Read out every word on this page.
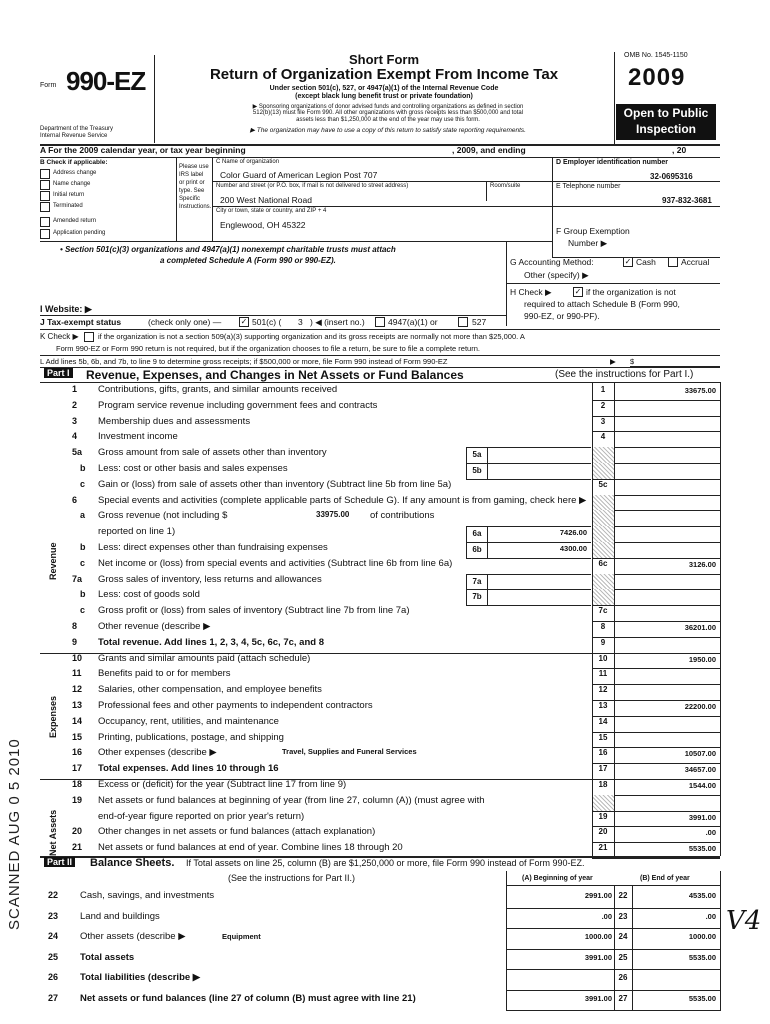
Form 990-EZ
Department of the Treasury
Internal Revenue Service
Short Form
Return of Organization Exempt From Income Tax
Under section 501(c), 527, or 4947(a)(1) of the Internal Revenue Code
(except black lung benefit trust or private foundation)
▶ Sponsoring organizations of donor advised funds and controlling organizations as defined in section
512(b)(13) must file Form 990. All other organizations with gross receipts less than $500,000 and total
assets less than $1,250,000 at the end of the year may use this form.
▶ The organization may have to use a copy of this return to satisfy state reporting requirements.
OMB No. 1545-1150
2009
Open to Public
Inspection
A For the 2009 calendar year, or tax year beginning	, 2009, and ending	, 20
B Check if applicable:
Address change
Name change
Initial return
Terminated
Amended return
Application pending
Please use IRS label or print or type. See Specific Instructions.
C Name of organization
Color Guard of American Legion Post 707
Number and street (or P.O. box, if mail is not delivered to street address)	Room/suite
200 West National Road
City or town, state or country, and ZIP + 4
Englewood, OH 45322
D Employer identification number
32-0695316
E Telephone number
937-832-3681
F Group Exemption
Number ▶
• Section 501(c)(3) organizations and 4947(a)(1) nonexempt charitable trusts must attach
a completed Schedule A (Form 990 or 990-EZ).	G Accounting Method:	✓ Cash	Accrual
Other (specify) ▶
H Check ▶	✓ if the organization is not
required to attach Schedule B (Form 990,
990-EZ, or 990-PF).
I Website: ▶
J Tax-exempt status	(check only one) — ✓ 501(c) ( 3 ) ◀ (insert no.)	4947(a)(1) or	527
K Check ▶	if the organization is not a section 509(a)(3) supporting organization and its gross receipts are normally not more than $25,000. A
Form 990-EZ or Form 990 return is not required, but if the organization chooses to file a return, be sure to file a complete return.
L Add lines 5b, 6b, and 7b, to line 9 to determine gross receipts; if $500,000 or more, file Form 990 instead of Form 990-EZ	▶ $
Part I Revenue, Expenses, and Changes in Net Assets or Fund Balances	(See the instructions for Part I.)
Revenue
Expenses
Net Assets
1 Contributions, gifts, grants, and similar amounts received	1	33675.00
2 Program service revenue including government fees and contracts	2
3 Membership dues and assessments	3
4 Investment income	4
5a Gross amount from sale of assets other than inventory	5a
b Less: cost or other basis and sales expenses	5b
c Gain or (loss) from sale of assets other than inventory (Subtract line 5b from line 5a)	5c
6 Special events and activities (complete applicable parts of Schedule G). If any amount is from gaming, check here ▶
a Gross revenue (not including $	33975.00 of contributions
reported on line 1)	6a	7426.00
b Less: direct expenses other than fundraising expenses	6b	4300.00
c Net income or (loss) from special events and activities (Subtract line 6b from line 6a)	6c	3126.00
7a Gross sales of inventory, less returns and allowances	7a
b Less: cost of goods sold	7b
c Gross profit or (loss) from sales of inventory (Subtract line 7b from line 7a)	7c
8 Other revenue (describe ▶	8	36201.00
9 Total revenue. Add lines 1, 2, 3, 4, 5c, 6c, 7c, and 8	9
10 Grants and similar amounts paid (attach schedule)	10	1950.00
11 Benefits paid to or for members	11
12 Salaries, other compensation, and employee benefits	12
13 Professional fees and other payments to independent contractors	13	22200.00
14 Occupancy, rent, utilities, and maintenance	14
15 Printing, publications, postage, and shipping	15
16 Other expenses (describe ▶	Travel, Supplies and Funeral Services	16	10507.00
17 Total expenses. Add lines 10 through 16	17	34657.00
18 Excess or (deficit) for the year (Subtract line 17 from line 9)	18	1544.00
19 Net assets or fund balances at beginning of year (from line 27, column (A)) (must agree with
end-of-year figure reported on prior year's return)	19	3991.00
20 Other changes in net assets or fund balances (attach explanation)	20	.00
21 Net assets or fund balances at end of year. Combine lines 18 through 20	21	5535.00
Part II Balance Sheets. If Total assets on line 25, column (B) are $1,250,000 or more, file Form 990 instead of Form 990-EZ.
(See the instructions for Part II.)	(A) Beginning of year	(B) End of year
22 Cash, savings, and investments	2991.00 22	4535.00
23 Land and buildings	.00 23	.00
24 Other assets (describe ▶	Equipment	1000.00 24	1000.00
25 Total assets	3991.00 25	5535.00
26 Total liabilities (describe ▶	26
27 Net assets or fund balances (line 27 of column (B) must agree with line 21)	3991.00 27	5535.00
SCANNED AUG 0 5 2010	V4
